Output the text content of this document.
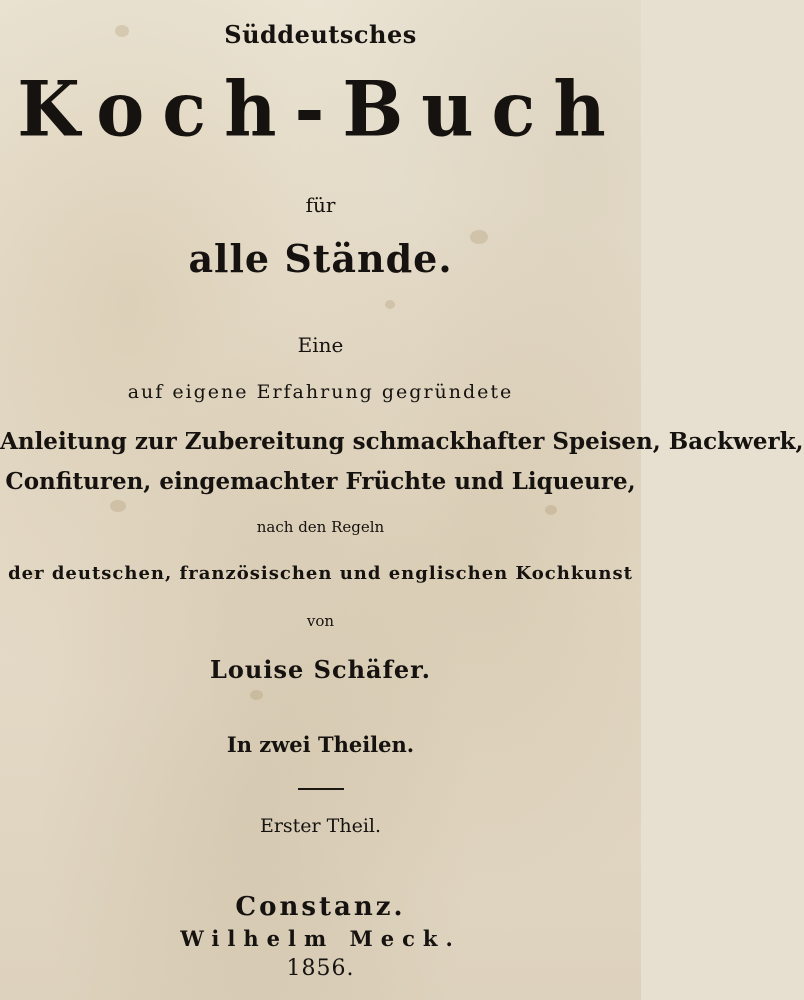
Süddeutsches
Koch-Buch
für
alle Stände.
Eine
auf eigene Erfahrung gegründete
Anleitung zur Zubereitung schmackhafter Speisen, Backwerk,
Confituren, eingemachter Früchte und Liqueure,
nach den Regeln
der deutschen, französischen und englischen Kochkunst
von
Louise Schäfer.
In zwei Theilen.
Erster Theil.
Constanz.
Wilhelm Meck.
1856.
